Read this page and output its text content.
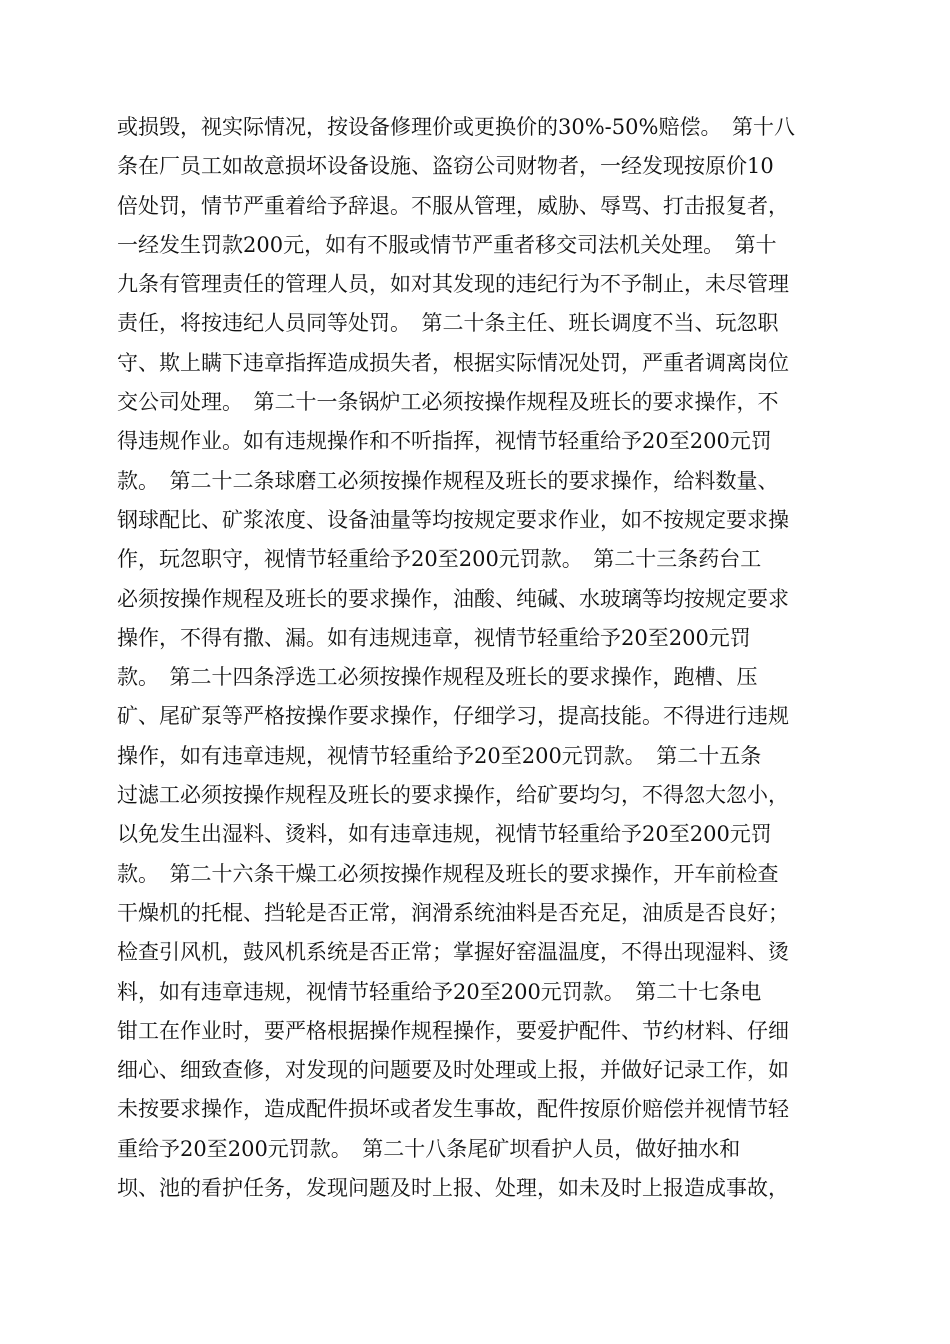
或损毁，视实际情况，按设备修理价或更换价的30%-50%赔偿。　第十八
条在厂员工如故意损坏设备设施、盗窃公司财物者，一经发现按原价10
倍处罚，情节严重着给予辞退。不服从管理，威胁、辱骂、打击报复者，
一经发生罚款200元，如有不服或情节严重者移交司法机关处理。　第十
九条有管理责任的管理人员，如对其发现的违纪行为不予制止，未尽管理
责任，将按违纪人员同等处罚。　第二十条主任、班长调度不当、玩忽职
守、欺上瞒下违章指挥造成损失者，根据实际情况处罚，严重者调离岗位
交公司处理。　第二十一条锅炉工必须按操作规程及班长的要求操作，不
得违规作业。如有违规操作和不听指挥，视情节轻重给予20至200元罚
款。　第二十二条球磨工必须按操作规程及班长的要求操作，给料数量、
钢球配比、矿浆浓度、设备油量等均按规定要求作业，如不按规定要求操
作，玩忽职守，视情节轻重给予20至200元罚款。　第二十三条药台工
必须按操作规程及班长的要求操作，油酸、纯碱、水玻璃等均按规定要求
操作，不得有撒、漏。如有违规违章，视情节轻重给予20至200元罚
款。　第二十四条浮选工必须按操作规程及班长的要求操作，跑槽、压
矿、尾矿泵等严格按操作要求操作，仔细学习，提高技能。不得进行违规
操作，如有违章违规，视情节轻重给予20至200元罚款。　第二十五条
过滤工必须按操作规程及班长的要求操作，给矿要均匀，不得忽大忽小，
以免发生出湿料、烫料，如有违章违规，视情节轻重给予20至200元罚
款。　第二十六条干燥工必须按操作规程及班长的要求操作，开车前检查
干燥机的托棍、挡轮是否正常，润滑系统油料是否充足，油质是否良好；
检查引风机，鼓风机系统是否正常；掌握好窑温温度，不得出现湿料、烫
料，如有违章违规，视情节轻重给予20至200元罚款。　第二十七条电
钳工在作业时，要严格根据操作规程操作，要爱护配件、节约材料、仔细
细心、细致查修，对发现的问题要及时处理或上报，并做好记录工作，如
未按要求操作，造成配件损坏或者发生事故，配件按原价赔偿并视情节轻
重给予20至200元罚款。　第二十八条尾矿坝看护人员，做好抽水和
坝、池的看护任务，发现问题及时上报、处理，如未及时上报造成事故，
